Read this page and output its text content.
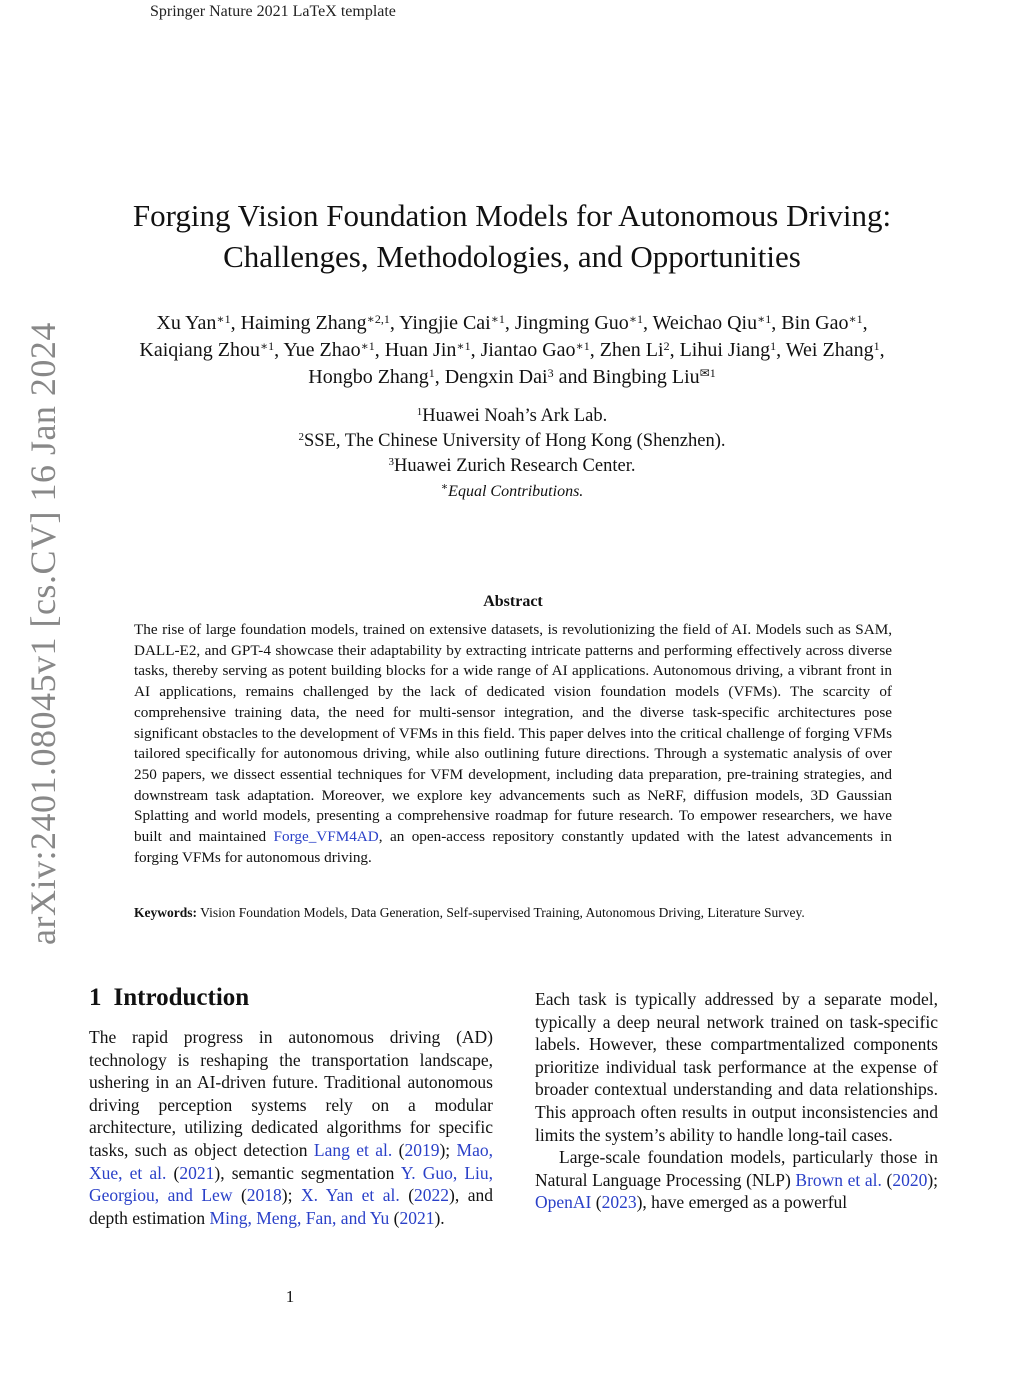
Springer Nature 2021 LaTeX template
arXiv:2401.08045v1 [cs.CV] 16 Jan 2024
Forging Vision Foundation Models for Autonomous Driving:
Challenges, Methodologies, and Opportunities
Xu Yan$^{∗1}$, Haiming Zhang$^{∗2,1}$, Yingjie Cai$^{∗1}$, Jingming Guo$^{∗1}$, Weichao Qiu$^{∗1}$, Bin Gao$^{∗1}$, Kaiqiang Zhou$^{∗1}$, Yue Zhao$^{∗1}$, Huan Jin$^{∗1}$, Jiantao Gao$^{∗1}$, Zhen Li$^2$, Lihui Jiang$^1$, Wei Zhang$^1$, Hongbo Zhang$^1$, Dengxin Dai$^3$ and Bingbing Liu$^{✉1}$
$^1$Huawei Noah’s Ark Lab.
$^2$SSE, The Chinese University of Hong Kong (Shenzhen).
$^3$Huawei Zurich Research Center.
∗Equal Contributions.
Abstract
The rise of large foundation models, trained on extensive datasets, is revolutionizing the field of AI. Models such as SAM, DALL-E2, and GPT-4 showcase their adaptability by extracting intricate patterns and performing effectively across diverse tasks, thereby serving as potent building blocks for a wide range of AI applications. Autonomous driving, a vibrant front in AI applications, remains challenged by the lack of dedicated vision foundation models (VFMs). The scarcity of comprehensive training data, the need for multi-sensor integration, and the diverse task-specific architectures pose significant obstacles to the development of VFMs in this field. This paper delves into the critical challenge of forging VFMs tailored specifically for autonomous driving, while also outlining future directions. Through a systematic analysis of over 250 papers, we dissect essential techniques for VFM development, including data preparation, pre-training strategies, and downstream task adaptation. Moreover, we explore key advancements such as NeRF, diffusion models, 3D Gaussian Splatting and world models, presenting a comprehensive roadmap for future research. To empower researchers, we have built and maintained Forge_VFM4AD, an open-access repository constantly updated with the latest advancements in forging VFMs for autonomous driving.
Keywords: Vision Foundation Models, Data Generation, Self-supervised Training, Autonomous Driving, Literature Survey.
1 Introduction

The rapid progress in autonomous driving (AD) technology is reshaping the transportation landscape, ushering in an AI-driven future. Traditional autonomous driving perception systems rely on a modular architecture, utilizing dedicated algorithms for specific tasks, such as object detection Lang et al. (2019); Mao, Xue, et al. (2021), semantic segmentation Y. Guo, Liu, Georgiou, and Lew (2018); X. Yan et al. (2022), and depth estimation Ming, Meng, Fan, and Yu (2021).

Each task is typically addressed by a separate model, typically a deep neural network trained on task-specific labels. However, these compartmentalized components prioritize individual task performance at the expense of broader contextual understanding and data relationships. This approach often results in output inconsistencies and limits the system’s ability to handle long-tail cases.

Large-scale foundation models, particularly those in Natural Language Processing (NLP) Brown et al. (2020); OpenAI (2023), have emerged as a powerful

1
